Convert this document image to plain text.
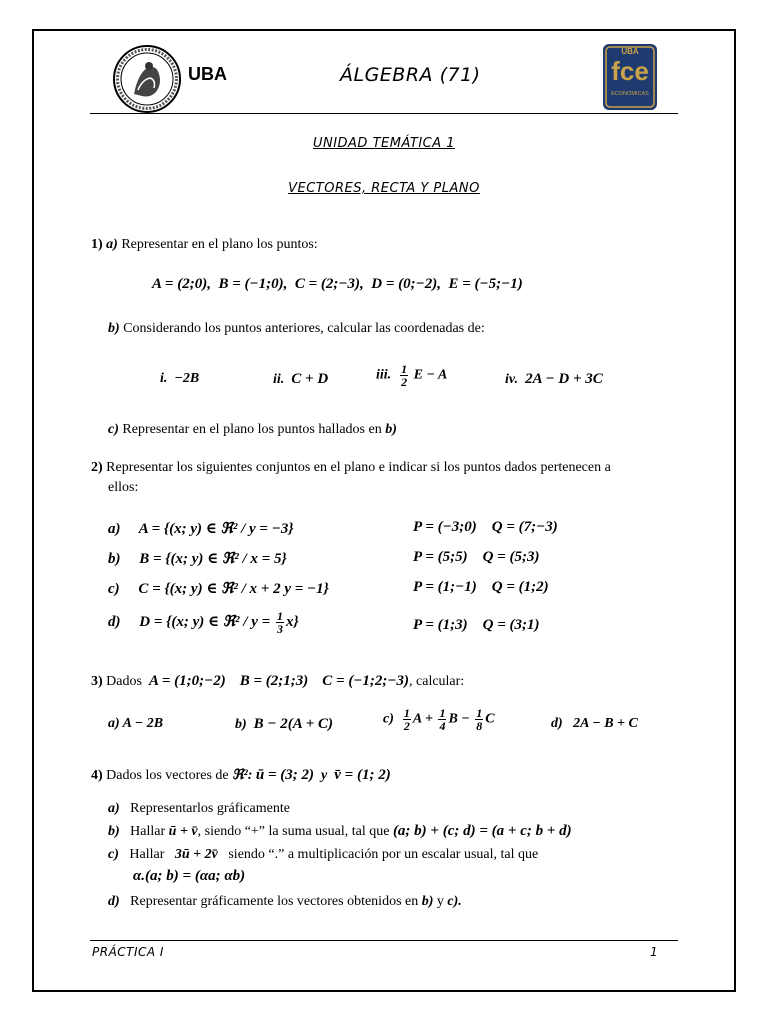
UBA	ÁLGEBRA (71)
UBA
fce
ECONÓMICAS
UNIDAD TEMÁTICA 1
VECTORES, RECTA Y PLANO
1) a) Representar en el plano los puntos:
A = (2;0),  B = (−1;0),  C = (2;−3),  D = (0;−2),  E = (−5;−1)
b) Considerando los puntos anteriores, calcular las coordenadas de:
i. −2B	ii. C + D	iii. $\frac{1}{2}$ E − A	iv. 2A − D + 3C
c) Representar en el plano los puntos hallados en b)
2) Representar los siguientes conjuntos en el plano e indicar si los puntos dados pertenecen a
ellos:
a) A = {(x; y) ∈ ℜ² / y = −3}	P = (−3;0) Q = (7;−3)
b) B = {(x; y) ∈ ℜ² / x = 5}	P = (5;5) Q = (5;3)
c) C = {(x; y) ∈ ℜ² / x + 2 y = −1}	P = (1;−1) Q = (1;2)
d) D = {(x; y) ∈ ℜ² / $y = \frac{1}{3} x$}	P = (1;3) Q = (3;1)
3) Dados A = (1;0;−2) B = (2;1;3) C = (−1;2;−3), calcular:
a) A − 2B	b) B − 2(A + C)	$c) \frac{1}{2}$ $A + \frac{1}{4}$ $B - \frac{1}{8}$ C	d) 2A − B + C
4) Dados los vectores de ℜ²: ū = (3; 2) y v̄ = (1; 2)
a) Representarlos gráficamente
b) Hallar ū + v̄, siendo “+” la suma usual, tal que (a; b) + (c; d) = (a + c; b + d)
c) Hallar 3ū + 2v̄ siendo “.” a multiplicación por un escalar usual, tal que
α.(a; b) = (αa; αb)
d) Representar gráficamente los vectores obtenidos en b) y c).
PRÁCTICA I	1
